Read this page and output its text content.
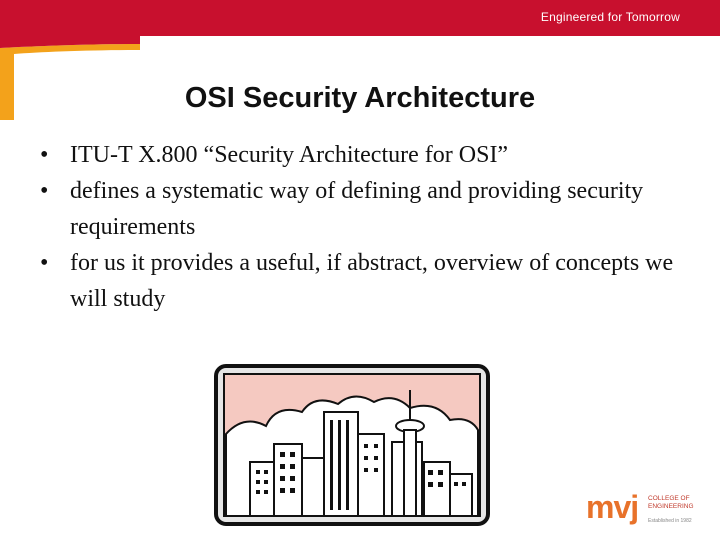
Engineered for Tomorrow
OSI Security Architecture
• ITU-T X.800 “Security Architecture for OSI”
• defines a systematic way of defining and providing security requirements
• for us it provides a useful, if abstract, overview of concepts we will study
mvj COLLEGE OF
ENGINEERING
Established in 1982
